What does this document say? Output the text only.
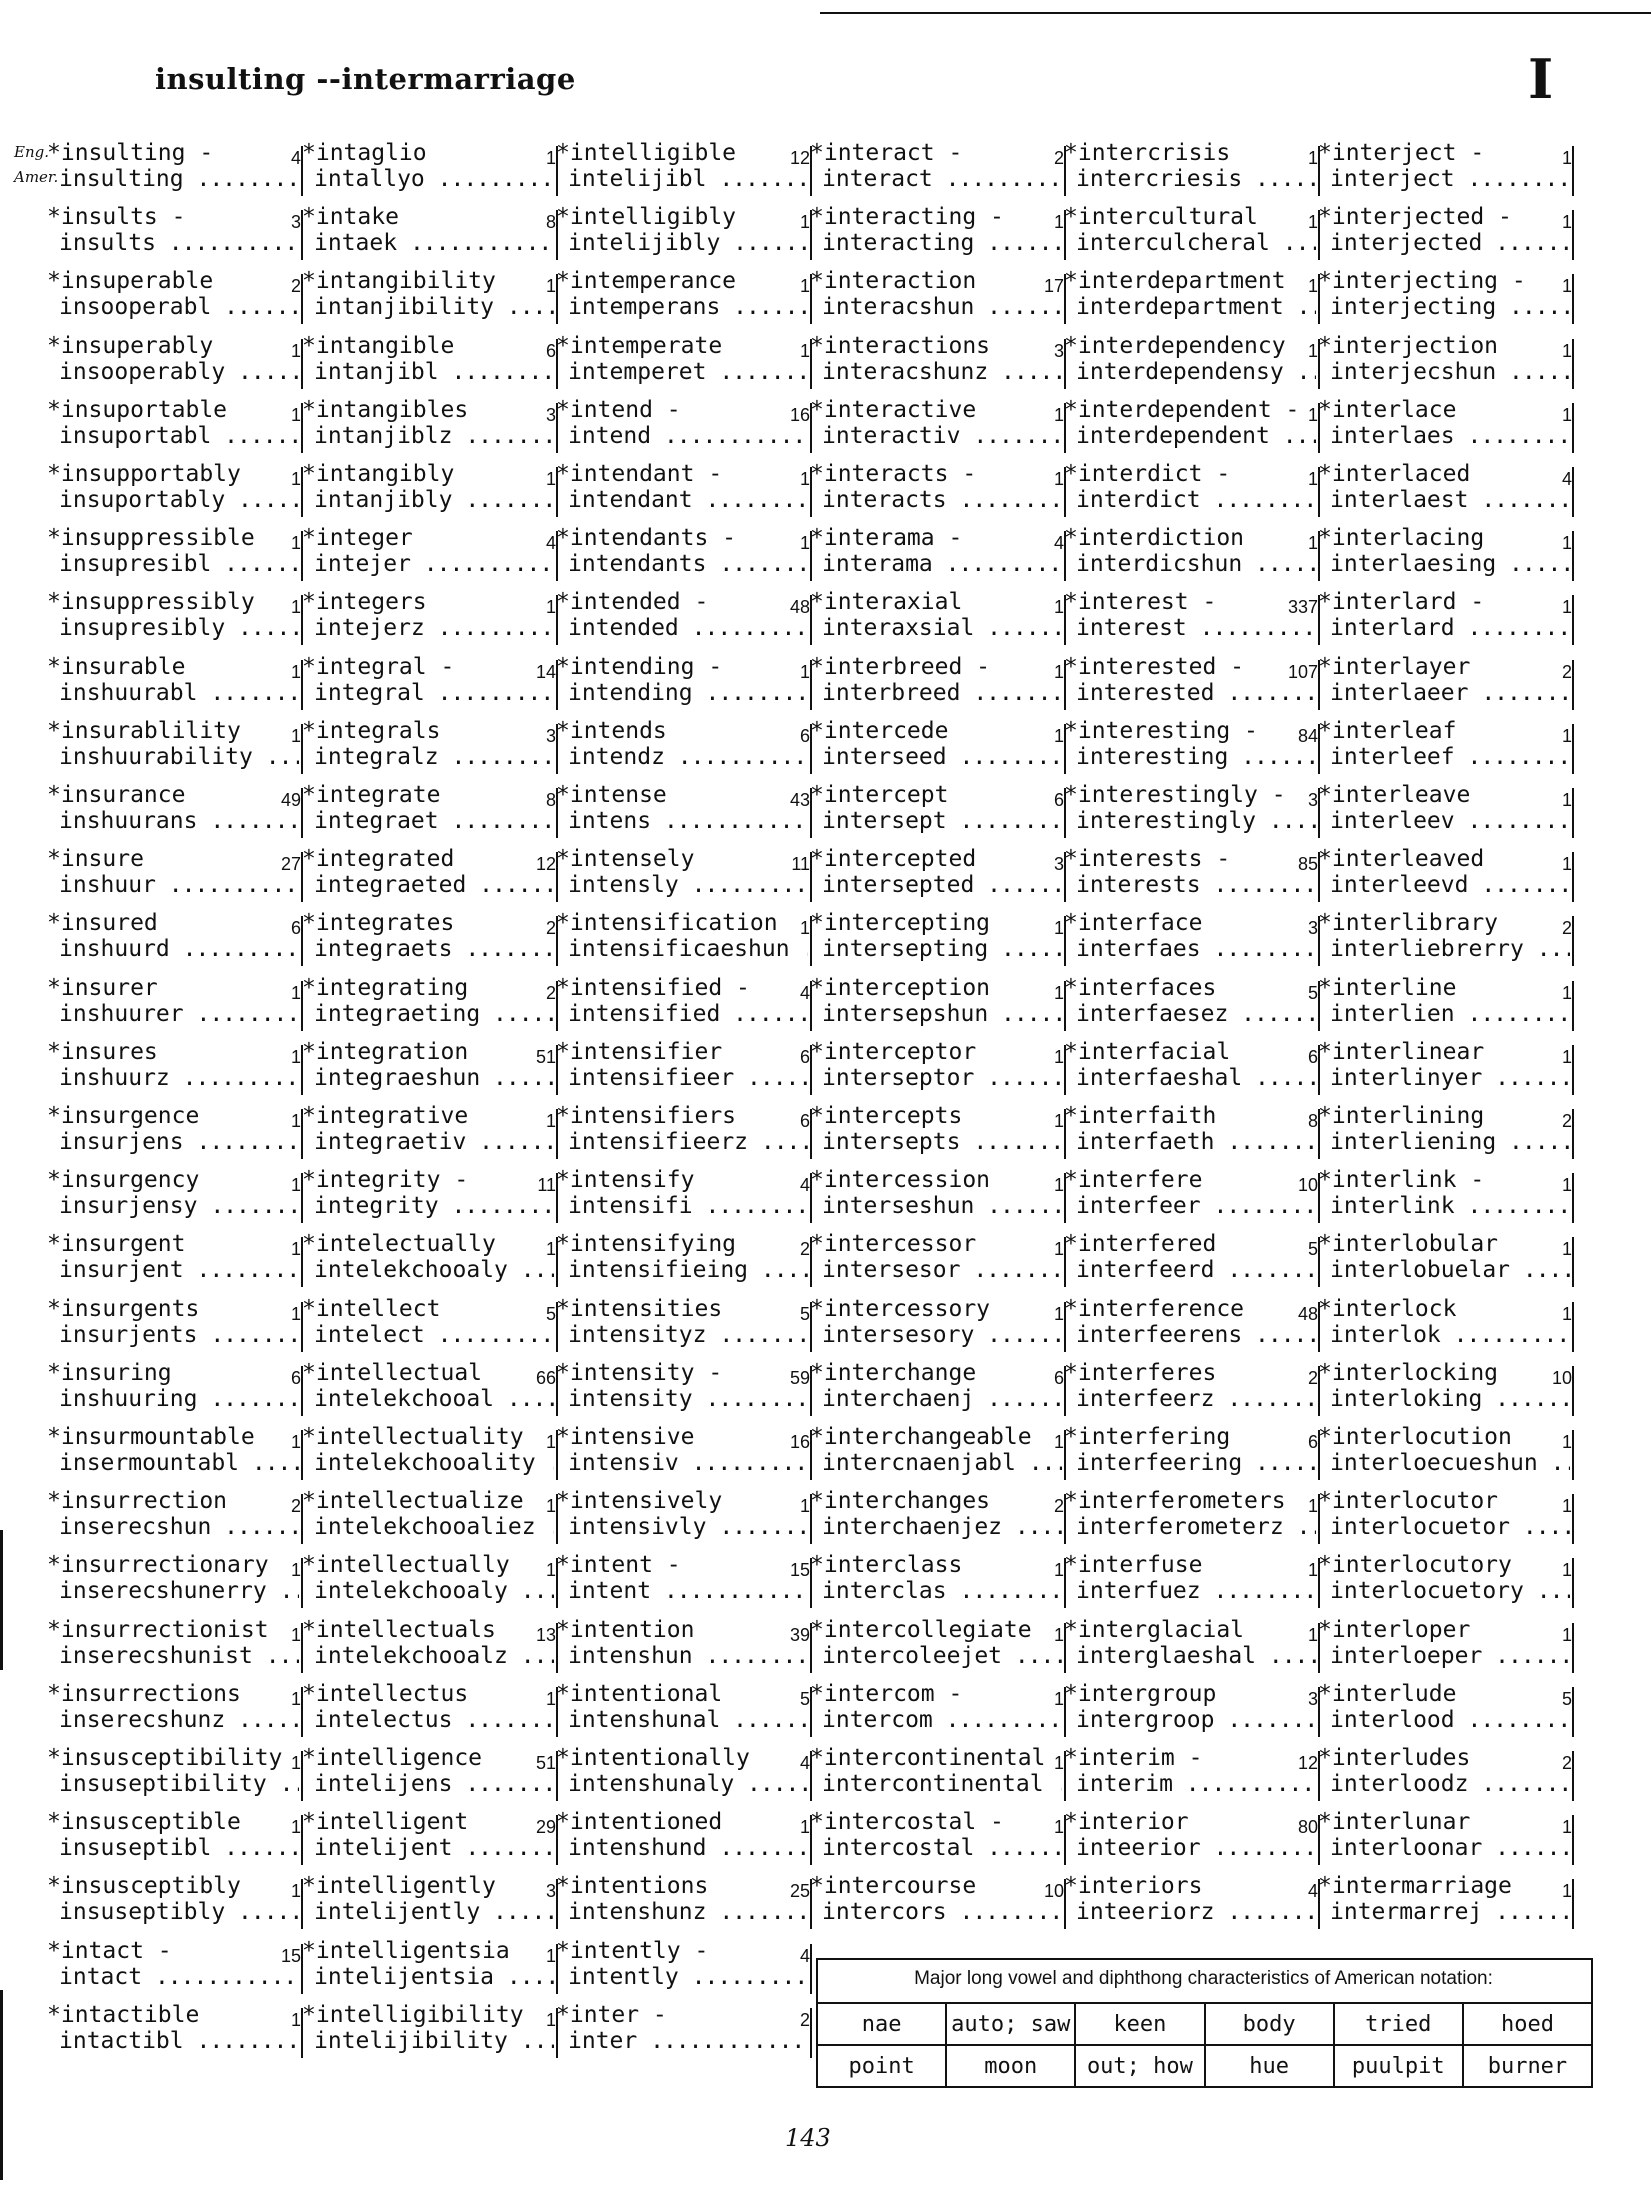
insulting --intermarriage	I
Eng.
Amer.
*insulting -	4
insulting .....
*insults -	3
insults .....
*insuperable	2
insooperabl .....
*insuperably	1
insooperably .....
*insuportable	1
insuportabl .....
*insupportably	1
insuportably .....
*insuppressible 1
insupresibl .....
*insuppressibly 1
insupresibly .....
*insurable	1
inshuurabl .....
*insurablility	1
inshuurability .....
*insurance	49
inshuurans .....
*insure	27
inshuur .....
*insured	6
inshuurd .....
*insurer	1
inshuurer .....
*insures	1
inshuurz .....
*insurgence	1
insurjens .....
*insurgency	1
insurjensy .....
*insurgent	1
insurjent .....
*insurgents	1
insurjents .....
*insuring	6
inshuuring .....
*insurmountable 1
insermountabl .....
*insurrection	2
inserecshun .....
*insurrectionary 1
inserecshunerry .....
*insurrectionist 1
inserecshunist .....
*insurrections	1
inserecshunz .....
*insusceptibility 1
insuseptibility .....
*insusceptible	1
insuseptibl .....
*insusceptibly	1
insuseptibly .....
*intact -	15
intact .....
*intactible	1
intactibl .....
*intaglio	1
intallyo .....
*intake	8
intaek .....
*intangibility	1
intanjibility .....
*intangible	6
intanjibl .....
*intangibles	3
intanjiblz .....
*intangibly	1
intanjibly .....
*integer	4
intejer .....
*integers	1
intejerz .....
*integral -	14
integral .....
*integrals	3
integralz .....
*integrate	8
integraet .....
*integrated	12
integraeted .....
*integrates	2
integraets .....
*integrating	2
integraeting .....
*integration	51
integraeshun .....
*integrative	1
integraetiv .....
*integrity -	11
integrity .....
*intelectually	1
intelekchooaly .....
*intellect	5
intelect .....
*intellectual	66
intelekchooal .....
*intellectuality 1
intelekchooality .....
*intellectualize 1
intelekchooaliez .....
*intellectually 1
intelekchooaly .....
*intellectuals 13
intelekchooalz .....
*intellectus	1
intelectus .....
*intelligence	51
intelijens .....
*intelligent	29
intelijent .....
*intelligently	3
intelijently .....
*intelligentsia 1
intelijentsia .....
*intelligibility 1
intelijibility .....
*intelligible	12
intelijibl .....
*intelligibly	1
intelijibly .....
*intemperance	1
intemperans .....
*intemperate	1
intemperet .....
*intend -	16
intend .....
*intendant -	1
intendant .....
*intendants -	1
intendants .....
*intended -	48
intended .....
*intending -	1
intending .....
*intends	6
intendz .....
*intense	43
intens .....
*intensely	11
intensly .....
*intensification 1
intensificaeshun .....
*intensified -	4
intensified .....
*intensifier	6
intensifieer .....
*intensifiers	6
intensifieerz .....
*intensify	4
intensifi .....
*intensifying	2
intensifieing .....
*intensities	5
intensityz .....
*intensity -	59
intensity .....
*intensive	16
intensiv .....
*intensively	1
intensivly .....
*intent -	15
intent .....
*intention	39
intenshun .....
*intentional	5
intenshunal .....
*intentionally	4
intenshunaly .....
*intentioned	1
intenshund .....
*intentions	25
intenshunz .....
*intently -	4
intently .....
*inter -	2
inter .....
*interact -	2
interact .....
*interacting -	1
interacting .....
*interaction	17
interacshun .....
*interactions	3
interacshunz .....
*interactive	1
interactiv .....
*interacts -	1
interacts .....
*interama -	4
interama .....
*interaxial	1
interaxsial .....
*interbreed -	1
interbreed .....
*intercede	1
interseed .....
*intercept	6
intersept .....
*intercepted	3
intersepted .....
*intercepting	1
intersepting .....
*interception	1
intersepshun .....
*interceptor	1
interseptor .....
*intercepts	1
intersepts .....
*intercession	1
interseshun .....
*intercessor	1
intersesor .....
*intercessory	1
intersesory .....
*interchange	6
interchaenj .....
*interchangeable 1
intercnaenjabl .....
*interchanges	2
interchaenjez .....
*interclass	1
interclas .....
*intercollegiate 1
intercoleejet .....
*intercom -	1
intercom .....
*intercontinental 1
intercontinental .....
*intercostal -	1
intercostal .....
*intercourse	10
intercors .....
*intercrisis	1
intercriesis .....
*intercultural	1
interculcheral .....
*interdepartment 1
interdepartment .....
*interdependency 1
interdependensy .....
*interdependent - 1
interdependent .....
*interdict -	1
interdict .....
*interdiction	1
interdicshun .....
*interest -	337
interest .....
*interested - 107
interested .....
*interesting - 84
interesting .....
*interestingly - 3
interestingly .....
*interests -	85
interests .....
*interface	3
interfaes .....
*interfaces	5
interfaesez .....
*interfacial	6
interfaeshal .....
*interfaith	8
interfaeth .....
*interfere	10
interfeer .....
*interfered	5
interfeerd .....
*interference	48
interfeerens .....
*interferes	2
interfeerz .....
*interfering	6
interfeering .....
*interferometers 1
interferometerz .....
*interfuse	1
interfuez .....
*interglacial	1
interglaeshal .....
*intergroup	3
intergroop .....
*interim -	12
interim .....
*interior	80
inteerior .....
*interiors	4
inteeriorz .....
*interject -	1
interject .....
*interjected -	1
interjected .....
*interjecting - 1
interjecting .....
*interjection	1
interjecshun .....
*interlace	1
interlaes .....
*interlaced	4
interlaest .....
*interlacing	1
interlaesing .....
*interlard -	1
interlard .....
*interlayer	2
interlaeer .....
*interleaf	1
interleef .....
*interleave	1
interleev .....
*interleaved	1
interleevd .....
*interlibrary	2
interliebrerry .....
*interline	1
interlien .....
*interlinear	1
interlinyer .....
*interlining	2
interliening .....
*interlink -	1
interlink .....
*interlobular	1
interlobuelar .....
*interlock	1
interlok .....
*interlocking	10
interloking .....
*interlocution	1
interloecueshun .....
*interlocutor	1
interlocuetor .....
*interlocutory	1
interlocuetory .....
*interloper	1
interloeper .....
*interlude	5
interlood .....
*interludes	2
interloodz .....
*interlunar	1
interloonar .....
*intermarriage	1
intermarrej .....
Major long vowel and diphthong characteristics of American notation:
nae	auto; saw	keen	body	tried	hoed
point	moon	out; how	hue	puulpit	burner
143
